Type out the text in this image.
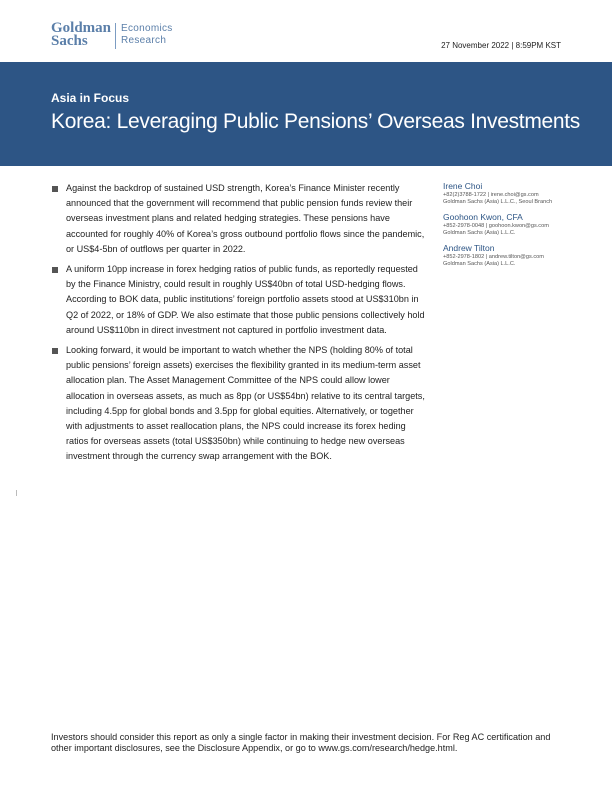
Goldman
Sachs
Economics
Research	27 November 2022 | 8:59PM KST
Asia in Focus
Korea: Leveraging Public Pensions’ Overseas Investments
Against the backdrop of sustained USD strength, Korea’s Finance Minister recently announced that the government will recommend that public pension funds review their overseas investment plans and related hedging strategies. These pensions have accounted for roughly 40% of Korea’s gross outbound portfolio flows since the pandemic, or US$4-5bn of outflows per quarter in 2022.
A uniform 10pp increase in forex hedging ratios of public funds, as reportedly requested by the Finance Ministry, could result in roughly US$40bn of total USD-hedging flows. According to BOK data, public institutions’ foreign portfolio assets stood at US$310bn in Q2 of 2022, or 18% of GDP. We also estimate that those public pensions collectively hold around US$110bn in direct investment not captured in portfolio investment data.
Looking forward, it would be important to watch whether the NPS (holding 80% of total public pensions’ foreign assets) exercises the flexibility granted in its medium-term asset allocation plan. The Asset Management Committee of the NPS could allow lower allocation in overseas assets, as much as 8pp (or US$54bn) relative to its central targets, including 4.5pp for global bonds and 3.5pp for global equities. Alternatively, or together with adjustments to asset reallocation plans, the NPS could increase its forex heding ratios for overseas assets (total US$350bn) while continuing to hedge new overseas investment through the currency swap arrangement with the BOK.
Irene Choi
+82(2)3788-1722 | irene.choi@gs.com
Goldman Sachs (Asia) L.L.C., Seoul Branch
Goohoon Kwon, CFA
+852-2978-0048 | goohoon.kwon@gs.com
Goldman Sachs (Asia) L.L.C.
Andrew Tilton
+852-2978-1802 | andrew.tilton@gs.com
Goldman Sachs (Asia) L.L.C.
Investors should consider this report as only a single factor in making their investment decision. For Reg AC certification and other important disclosures, see the Disclosure Appendix, or go to www.gs.com/research/hedge.html.
